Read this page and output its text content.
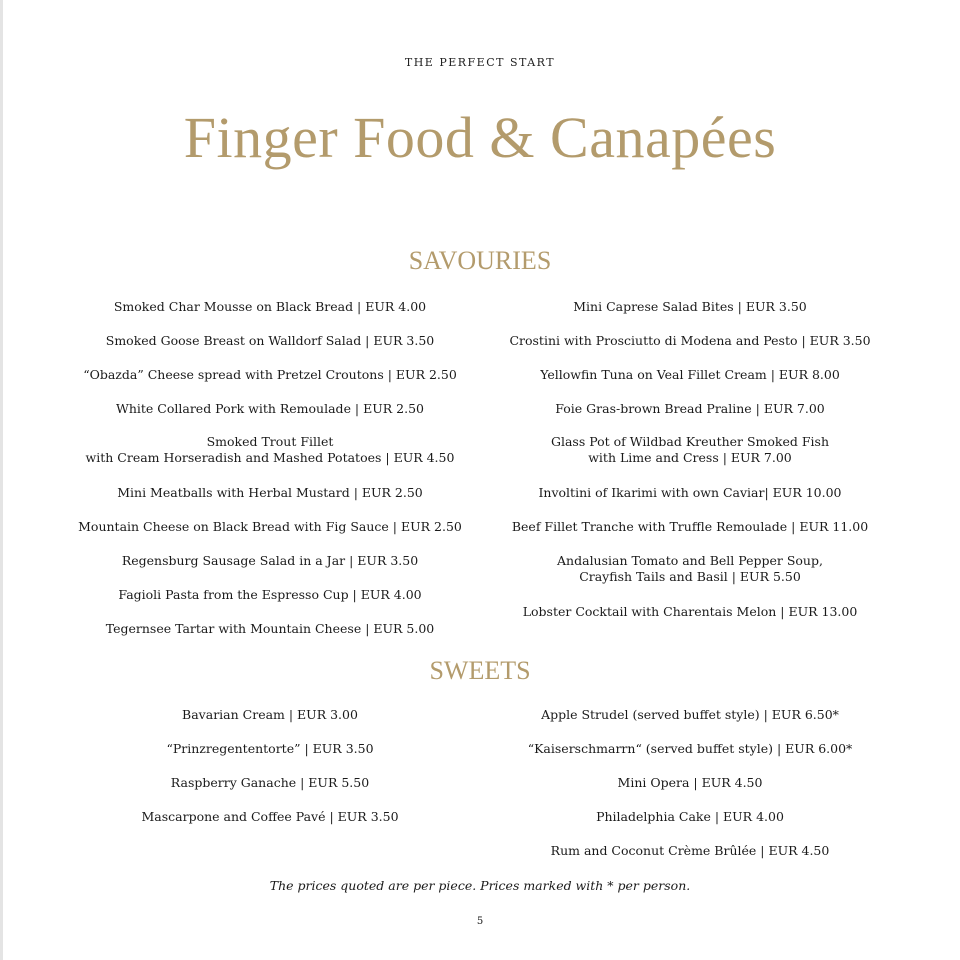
THE PERFECT START
Finger Food & Canapées
SAVOURIES
Smoked Char Mousse on Black Bread | EUR 4.00
Smoked Goose Breast on Walldorf Salad | EUR 3.50
“Obazda” Cheese spread with Pretzel Croutons | EUR 2.50
White Collared Pork with Remoulade | EUR 2.50
Smoked Trout Fillet
with Cream Horseradish and Mashed Potatoes | EUR 4.50
Mini Meatballs with Herbal Mustard | EUR 2.50
Mountain Cheese on Black Bread with Fig Sauce | EUR 2.50
Regensburg Sausage Salad in a Jar | EUR 3.50
Fagioli Pasta from the Espresso Cup | EUR 4.00
Tegernsee Tartar with Mountain Cheese | EUR 5.00
Mini Caprese Salad Bites | EUR 3.50
Crostini with Prosciutto di Modena and Pesto | EUR 3.50
Yellowfin Tuna on Veal Fillet Cream | EUR 8.00
Foie Gras-brown Bread Praline | EUR 7.00
Glass Pot of Wildbad Kreuther Smoked Fish
with Lime and Cress | EUR 7.00
Involtini of Ikarimi with own Caviar| EUR 10.00
Beef Fillet Tranche with Truffle Remoulade | EUR 11.00
Andalusian Tomato and Bell Pepper Soup,
Crayfish Tails and Basil | EUR 5.50
Lobster Cocktail with Charentais Melon | EUR 13.00
SWEETS
Bavarian Cream | EUR 3.00
“Prinzregententorte” | EUR 3.50
Raspberry Ganache | EUR 5.50
Mascarpone and Coffee Pavé | EUR 3.50
Apple Strudel (served buffet style) | EUR 6.50*
“Kaiserschmarrn“ (served buffet style) | EUR 6.00*
Mini Opera | EUR 4.50
Philadelphia Cake | EUR 4.00
Rum and Coconut Crème Brûlée | EUR 4.50
The prices quoted are per piece. Prices marked with * per person.
5
